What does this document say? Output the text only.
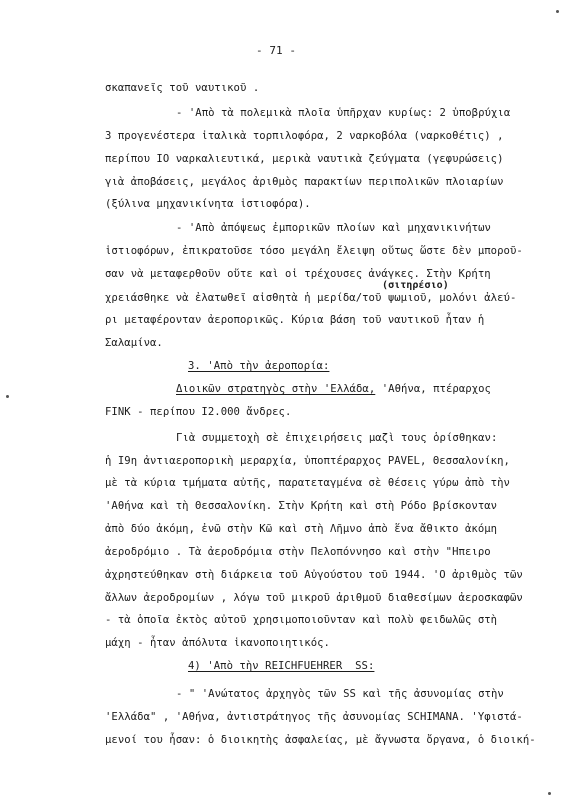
- 71 -
σκαπανεῖς τοῦ ναυτικοῦ .
- 'Απὸ τὰ πολεμικὰ πλοῖα ὑπῆρχαν κυρίως: 2 ὑποβρύχια
3 προγενέστερα ἰταλικὰ τορπιλοφόρα, 2 ναρκοβόλα (ναρκοθέτις) ,
περίπου ΙΟ ναρκαλιευτικά, μερικὰ ναυτικὰ ζεύγματα (γεφυρώσεις)
γιὰ ἀποβάσεις, μεγάλος ἀριθμὸς παρακτίων περιπολικῶν πλοιαρίων
(ξύλινα μηχανικίνητα ἱστιοφόρα).
- 'Απὸ ἀπόψεως ἐμπορικῶν πλοίων καὶ μηχανικινήτων
ἱστιοφόρων, ἐπικρατοῦσε τόσο μεγάλη ἔλειψη οὕτως ὥστε δὲν μποροῦ-
σαν νὰ μεταφερθοῦν οὔτε καὶ οἱ τρέχουσες ἀνάγκες. Στὴν Κρήτη
(σιτηρέσιο)
χρειάσθηκε νὰ ἐλατωθεῖ αἰσθητὰ ἡ μερίδα/τοῦ ψωμιοῦ, μολόνι ἀλεύ-
ρι μεταφέρονταν ἀεροπορικῶς. Κύρια βάση τοῦ ναυτικοῦ ἦταν ἡ
Σαλαμίνα.
3._'Απὸ_τὴν_ἀεροπορία:
Διοικῶν_στρατηγὸς_στὴν_'Ελλάδα, 'Αθήνα, πτέραρχος
FINK - περίπου Ι2.000 ἄνδρες.
Γιὰ συμμετοχὴ σὲ ἐπιχειρήσεις μαζὶ τους ὁρίσθηκαν:
ἡ Ι9η ἀντιαεροπορικὴ μεραρχία, ὑποπτέραρχος PAVEL, Θεσσαλονίκη,
μὲ τὰ κύρια τμήματα αὐτῆς, παρατεταγμένα σὲ θέσεις γύρω ἀπὸ τὴν
'Αθήνα καὶ τὴ Θεσσαλονίκη. Στὴν Κρήτη καὶ στὴ Ρόδο βρίσκονταν
ἀπὸ δύο ἀκόμη, ἐνῶ στὴν Κῶ καὶ στὴ Λῆμνο ἀπὸ ἕνα ἄθικτο ἀκόμη
ἀεροδρόμιο . Τὰ ἀεροδρόμια στὴν Πελοπόννησο καὶ στὴν "Ηπειρο
ἀχρηστεύθηκαν στὴ διάρκεια τοῦ Αὐγούστου τοῦ 1944. 'Ο ἀριθμὸς τῶν
ἄλλων ἀεροδρομίων , λόγω τοῦ μικροῦ ἀριθμοῦ διαθεσίμων ἀεροσκαφῶν
- τὰ ὁποῖα ἐκτὸς αὐτοῦ χρησιμοποιοῦνταν καὶ πολὺ φειδωλῶς στὴ
μάχη - ἦταν ἀπόλυτα ἱκανοποιητικός.
4) 'Απὸ_τὴν_REICHFUEHRER__SS:
- " 'Ανώτατος ἀρχηγὸς τῶν SS καὶ τῆς ἀσυνομίας στὴν
'Ελλάδα" , 'Αθήνα, ἀντιστράτηγος τῆς ἀσυνομίας SCHIMANA. 'Υφιστά-
μενοί του ἦσαν: ὁ διοικητὴς ἀσφαλείας, μὲ ἄγνωστα ὄργανα, ὁ διοική-
